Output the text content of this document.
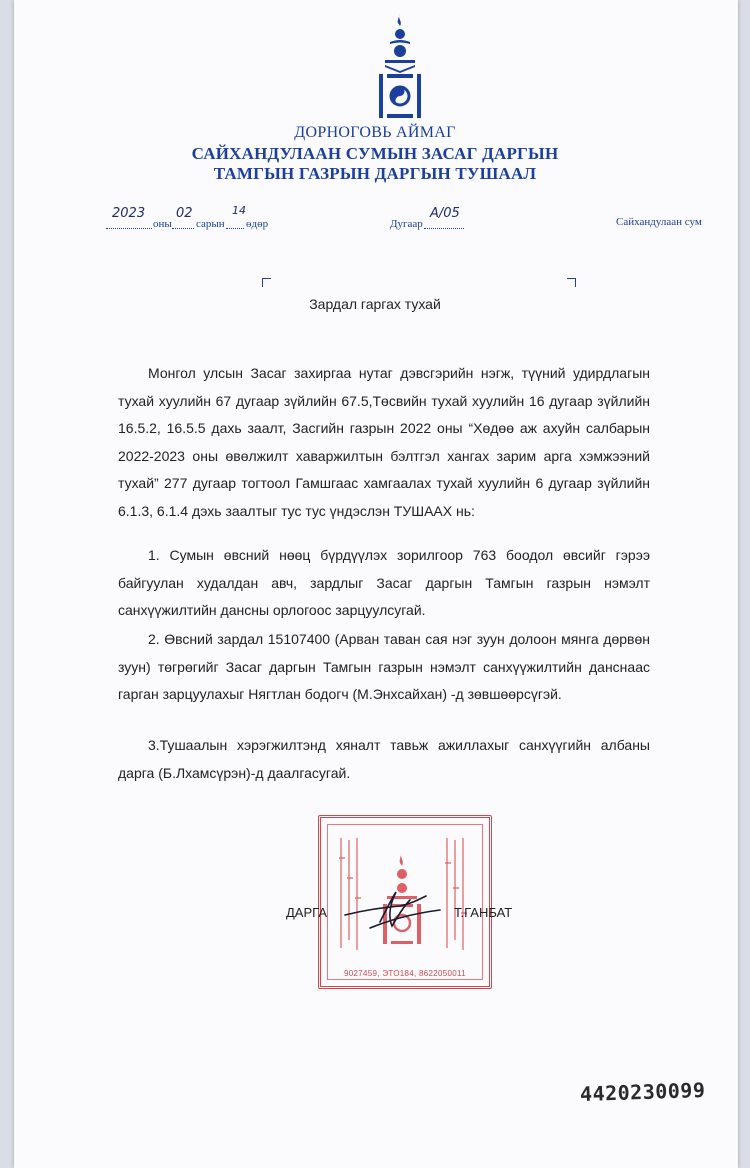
ДОРНОГОВЬ АЙМАГ
САЙХАНДУЛААН СУМЫН ЗАСАГ ДАРГЫН
ТАМГЫН ГАЗРЫН ДАРГЫН ТУШААЛ
2023
оны
02
сарын
14
өдөр	Дугаар
А/05
Сайхандулаан сум
Зардал гаргах тухай
Монгол улсын Засаг захиргаа нутаг дэвсгэрийн нэгж, түүний удирдлагын тухай хуулийн 67 дугаар зүйлийн 67.5,Төсвийн тухай хуулийн 16 дугаар зүйлийн 16.5.2, 16.5.5 дахь заалт, Засгийн газрын 2022 оны “Хөдөө аж ахуйн салбарын 2022-2023 оны өвөлжилт хаваржилтын бэлтгэл хангах зарим арга хэмжээний тухай” 277 дугаар тогтоол Гамшгаас хамгаалах тухай хуулийн 6 дугаар зүйлийн 6.1.3, 6.1.4 дэхь заалтыг тус тус үндэслэн ТУШААХ нь:
1. Сумын өвсний нөөц бүрдүүлэх зорилгоор 763 боодол өвсийг гэрээ байгуулан худалдан авч, зардлыг Засаг даргын Тамгын газрын нэмэлт санхүүжилтийн дансны орлогоос зарцуулсугай.
2. Өвсний зардал 15107400 (Арван таван сая нэг зуун долоон мянга дөрвөн зуун) төгрөгийг Засаг даргын Тамгын газрын нэмэлт санхүүжилтийн данснаас гарган зарцуулахыг Нягтлан бодогч (М.Энхсайхан) -д зөвшөөрсүгэй.
3.Тушаалын хэрэгжилтэнд хяналт тавьж ажиллахыг санхүүгийн албаны дарга (Б.Лхамсүрэн)-д даалгасугай.
9027459, ЭТО184, 8622050011
ДАРГА	Т.ГАНБАТ
4420230099
